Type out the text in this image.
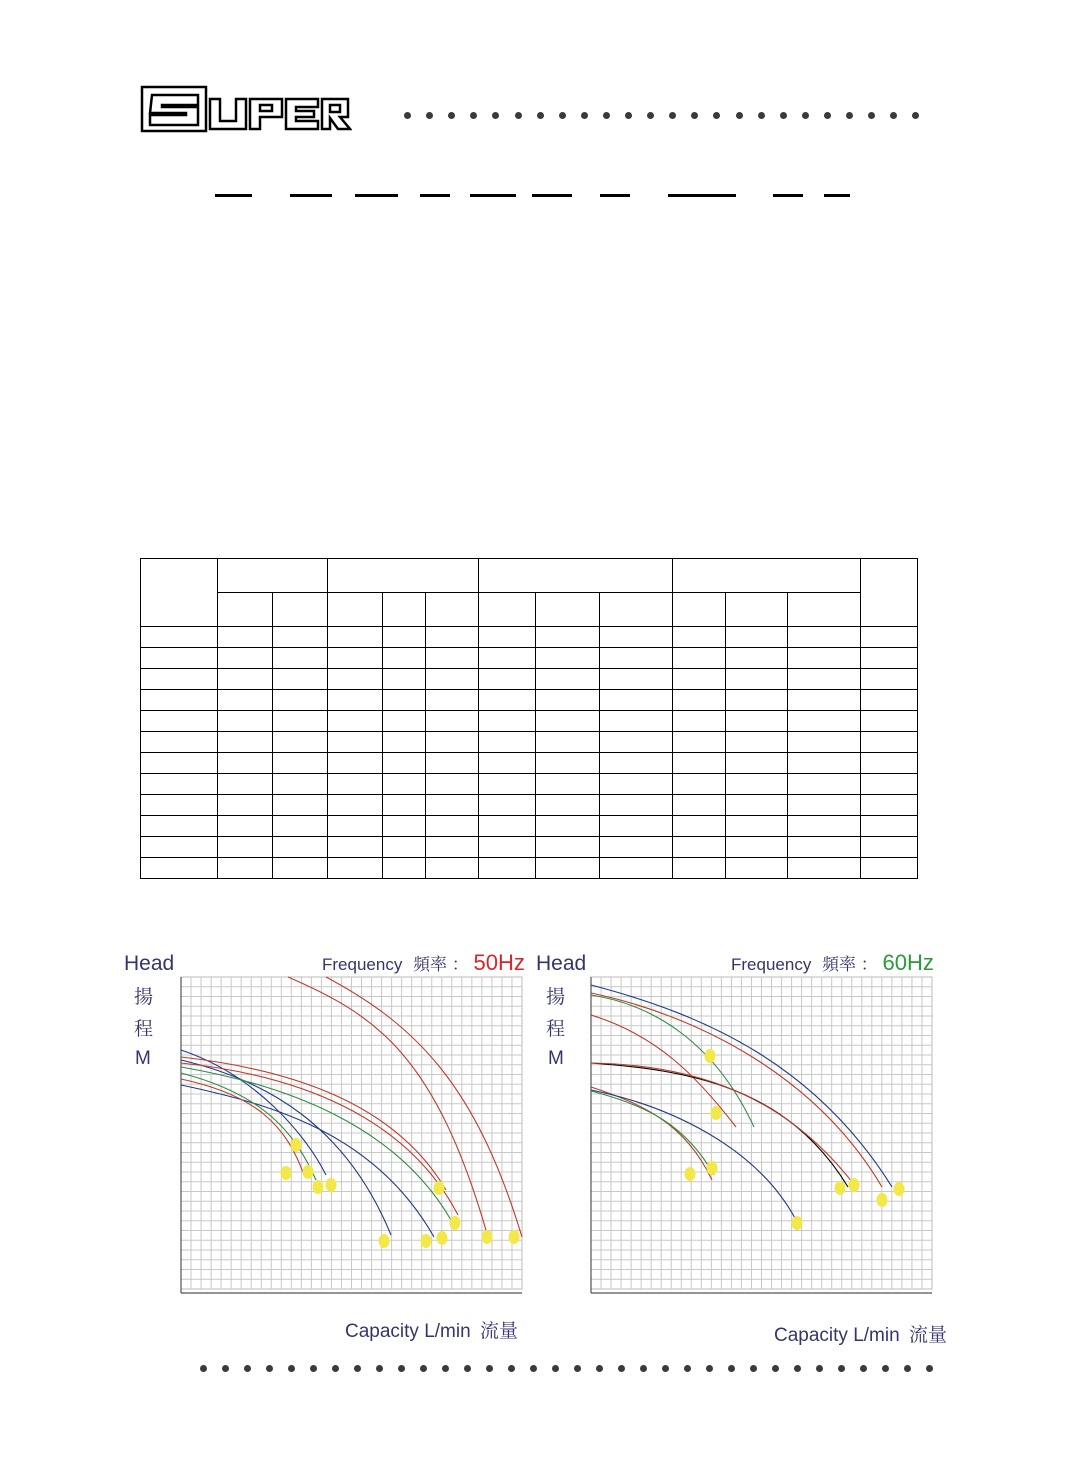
Head
揚
程
M
Frequency 頻率 ： 50Hz
Capacity L/min 流量
Head
揚
程
M
Frequency 頻率 ： 60Hz
Capacity L/min 流量
